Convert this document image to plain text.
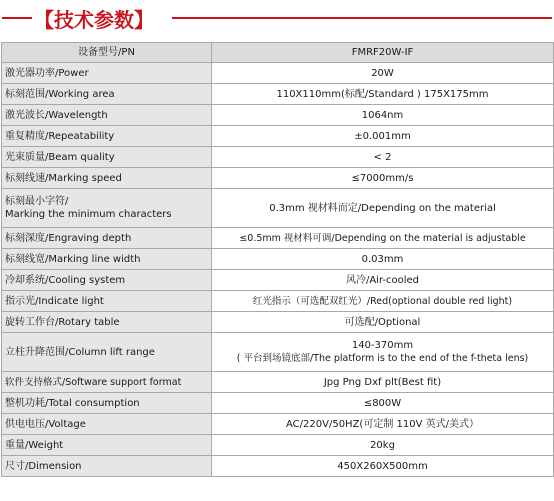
【技术参数】
设备型号/PN	FMRF20W-IF
激光器功率/Power	20W
标刻范围/Working area	110X110mm(标配/Standard ) 175X175mm
激光波长/Wavelength	1064nm
重复精度/Repeatability	±0.001mm
光束质量/Beam quality	< 2
标刻线速/Marking speed	≤7000mm/s

标刻最小字符/
Marking the minimum characters	0.3mm 视材料而定/Depending on the material
标刻深度/Engraving depth	≤0.5mm 视材料可调/Depending on the material is adjustable
标刻线宽/Marking line width	0.03mm
冷却系统/Cooling system	风冷/Air-cooled
指示光/Indicate light	红光指示（可选配双红光）/Red(optional double red light)
旋转工作台/Rotary table	可选配/Optional
立柱升降范围/Column lift range	140-370mm
( 平台到场镜底部/The platform is to the end of the f-theta lens)

软件支持格式/Software support format	Jpg Png Dxf plt(Best fit)
整机功耗/Total consumption	≤800W
供电电压/Voltage	AC/220V/50HZ(可定制 110V 英式/美式）
重量/Weight	20kg
尺寸/Dimension	450X260X500mm
